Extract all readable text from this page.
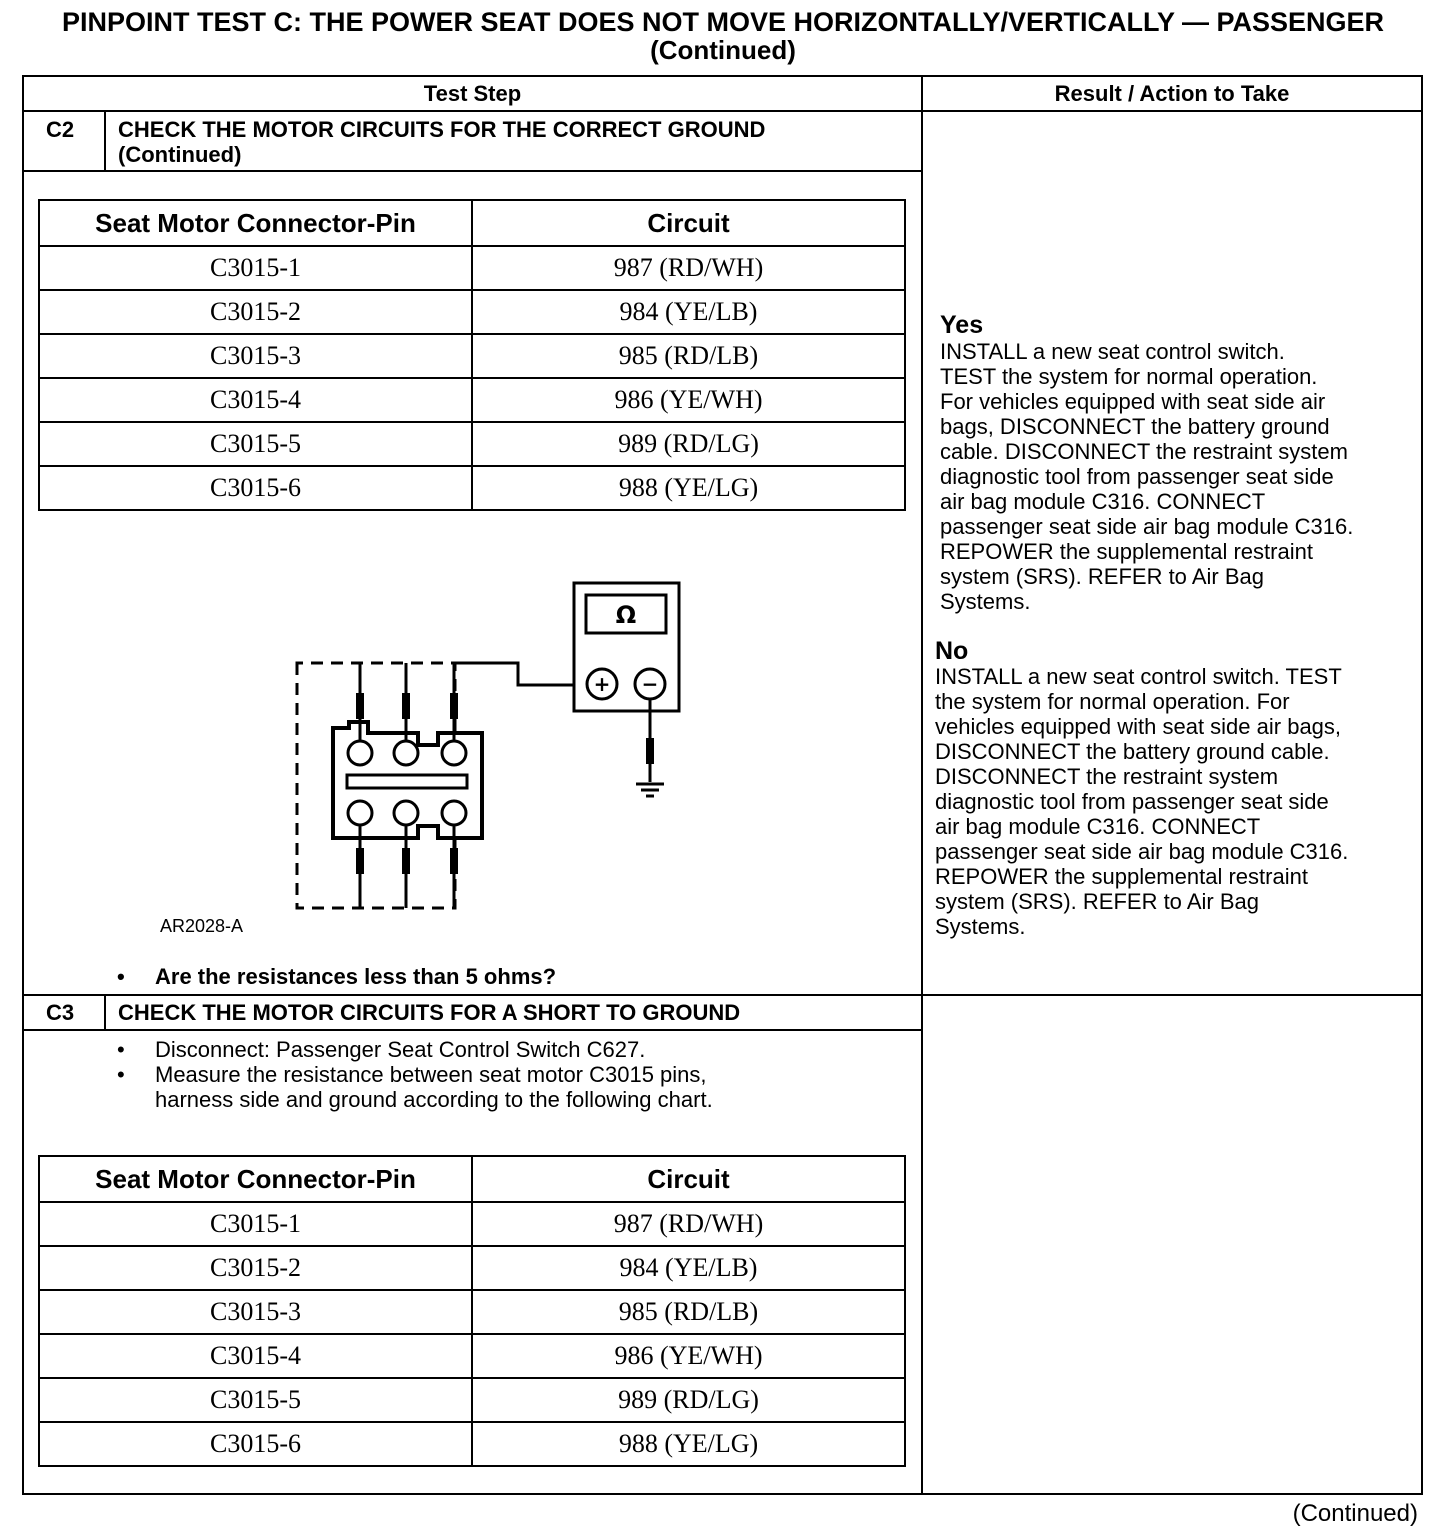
PINPOINT TEST C: THE POWER SEAT DOES NOT MOVE HORIZONTALLY/VERTICALLY — PASSENGER
(Continued)
Test Step	Result / Action to Take
C2 CHECK THE MOTOR CIRCUITS FOR THE CORRECT GROUND
(Continued)
Seat Motor Connector-Pin	Circuit
C3015-1	987 (RD/WH)
C3015-2	984 (YE/LB)
C3015-3	985 (RD/LB)
C3015-4	986 (YE/WH)
C3015-5	989 (RD/LG)
C3015-6	988 (YE/LG)
Ω
+ −
AR2028-A
• Are the resistances less than 5 ohms?
Yes
INSTALL a new seat control switch.
TEST the system for normal operation.
For vehicles equipped with seat side air
bags, DISCONNECT the battery ground
cable. DISCONNECT the restraint system
diagnostic tool from passenger seat side
air bag module C316. CONNECT
passenger seat side air bag module C316.
REPOWER the supplemental restraint
system (SRS). REFER to Air Bag
Systems.
No
INSTALL a new seat control switch. TEST
the system for normal operation. For
vehicles equipped with seat side air bags,
DISCONNECT the battery ground cable.
DISCONNECT the restraint system
diagnostic tool from passenger seat side
air bag module C316. CONNECT
passenger seat side air bag module C316.
REPOWER the supplemental restraint
system (SRS). REFER to Air Bag
Systems.
C3 CHECK THE MOTOR CIRCUITS FOR A SHORT TO GROUND
• Disconnect: Passenger Seat Control Switch C627.
• Measure the resistance between seat motor C3015 pins,
harness side and ground according to the following chart.
Seat Motor Connector-Pin	Circuit
C3015-1	987 (RD/WH)
C3015-2	984 (YE/LB)
C3015-3	985 (RD/LB)
C3015-4	986 (YE/WH)
C3015-5	989 (RD/LG)
C3015-6	988 (YE/LG)
(Continued)
